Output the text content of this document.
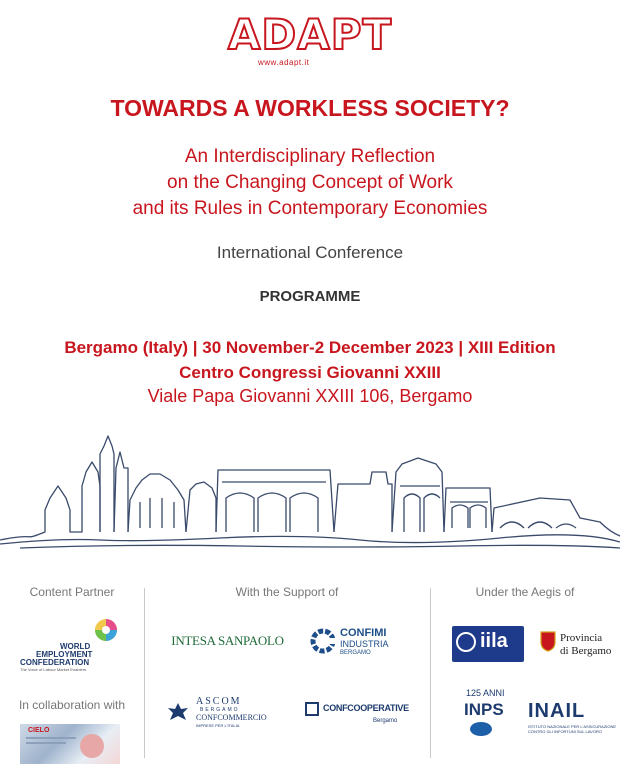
ADAPT
www.adapt.it
TOWARDS A WORKLESS SOCIETY?
An Interdisciplinary Reflection
on the Changing Concept of Work
and its Rules in Contemporary Economies
International Conference
PROGRAMME
Bergamo (Italy) | 30 November-2 December 2023 | XIII Edition
Centro Congressi Giovanni XXIII
Viale Papa Giovanni XXIII 106, Bergamo
Content Partner	With the Support of	Under the Aegis of
In collaboration with
WORLD
EMPLOYMENT
CONFEDERATION
The Voice of Labour Market Enablers
CIELO
INTESA SANPAOLO	CONFIMI
INDUSTRIA
BERGAMO
ASCOM
BERGAMO
CONFCOMMERCIO
IMPRESE PER L'ITALIA
CONFCOOPERATIVE
Bergamo
iila	Provincia
di Bergamo
125 ANNI
INPS INAIL
ISTITUTO NAZIONALE PER L'ASSICURAZIONE CONTRO GLI INFORTUNI SUL LAVORO
